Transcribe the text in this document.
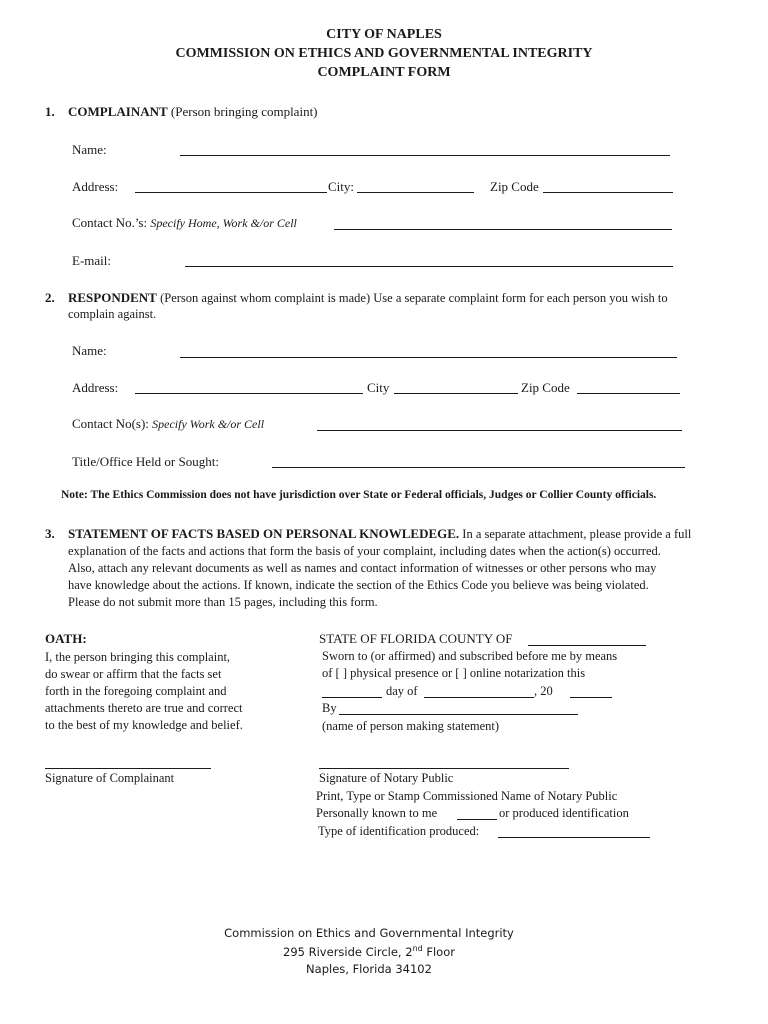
CITY OF NAPLES
COMMISSION ON ETHICS AND GOVERNMENTAL INTEGRITY
COMPLAINT FORM
1. COMPLAINANT (Person bringing complaint)
Name:
Address:	City:	Zip Code
Contact No.’s: Specify Home, Work &/or Cell
E-mail:
2. RESPONDENT (Person against whom complaint is made) Use a separate complaint form for each person you wish to
complain against.
Name:
Address:	City	Zip Code
Contact No(s): Specify Work &/or Cell
Title/Office Held or Sought:
Note: The Ethics Commission does not have jurisdiction over State or Federal officials, Judges or Collier County officials.
3. STATEMENT OF FACTS BASED ON PERSONAL KNOWLEDEGE. In a separate attachment, please provide a full
explanation of the facts and actions that form the basis of your complaint, including dates when the action(s) occurred.
Also, attach any relevant documents as well as names and contact information of witnesses or other persons who may
have knowledge about the actions. If known, indicate the section of the Ethics Code you believe was being violated.
Please do not submit more than 15 pages, including this form.
OATH:
I, the person bringing this complaint,
do swear or affirm that the facts set
forth in the foregoing complaint and
attachments thereto are true and correct
to the best of my knowledge and belief.
Signature of Complainant
STATE OF FLORIDA COUNTY OF
Sworn to (or affirmed) and subscribed before me by means
of [ ] physical presence or [ ] online notarization this
day of	, 20
By
(name of person making statement)
Signature of Notary Public
Print, Type or Stamp Commissioned Name of Notary Public
Personally known to me	or produced identification
Type of identification produced:
Commission on Ethics and Governmental Integrity
295 Riverside Circle, 2nd Floor
Naples, Florida 34102
